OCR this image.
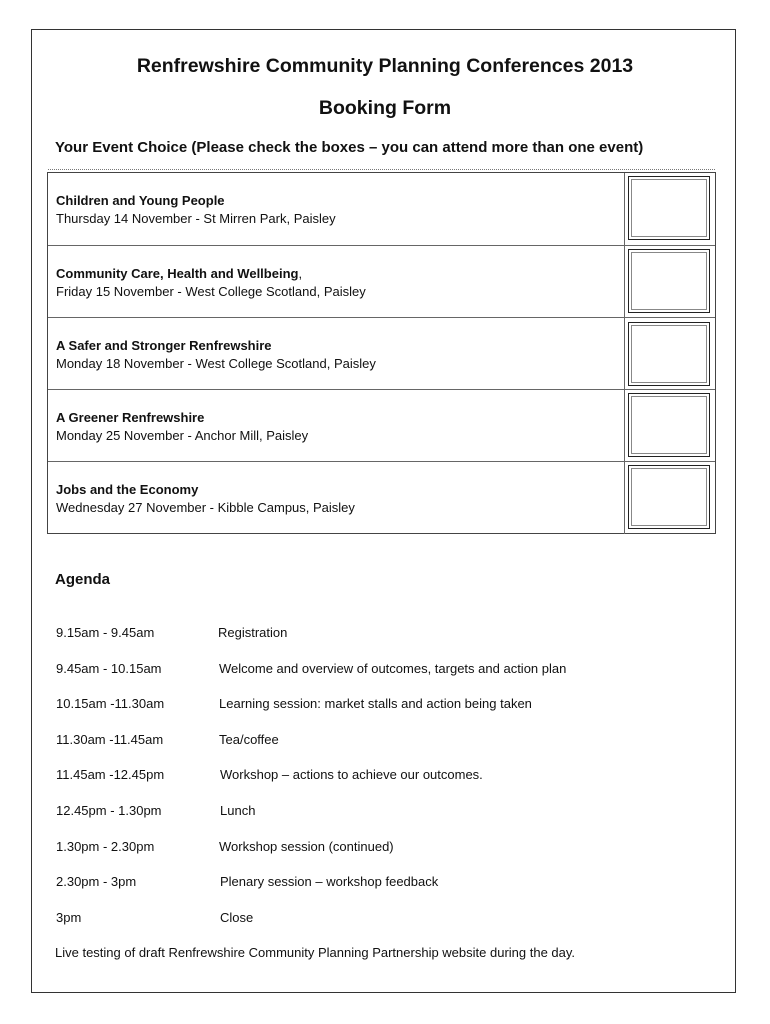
Renfrewshire Community Planning Conferences 2013
Booking Form
Your Event Choice (Please check the boxes – you can attend more than one event)
Children and Young People
Thursday 14 November - St Mirren Park, Paisley
Community Care, Health and Wellbeing,
Friday 15 November - West College Scotland, Paisley
A Safer and Stronger Renfrewshire
Monday 18 November - West College Scotland, Paisley
A Greener Renfrewshire
Monday 25 November - Anchor Mill, Paisley
Jobs and the Economy
Wednesday 27 November - Kibble Campus, Paisley
Agenda
9.15am - 9.45am	Registration
9.45am - 10.15am	Welcome and overview of outcomes, targets and action plan
10.15am -11.30am	Learning session: market stalls and action being taken
11.30am -11.45am	Tea/coffee
11.45am -12.45pm	Workshop – actions to achieve our outcomes.
12.45pm - 1.30pm	Lunch
1.30pm - 2.30pm	Workshop session (continued)
2.30pm - 3pm	Plenary session – workshop feedback
3pm	Close
Live testing of draft Renfrewshire Community Planning Partnership website during the day.
